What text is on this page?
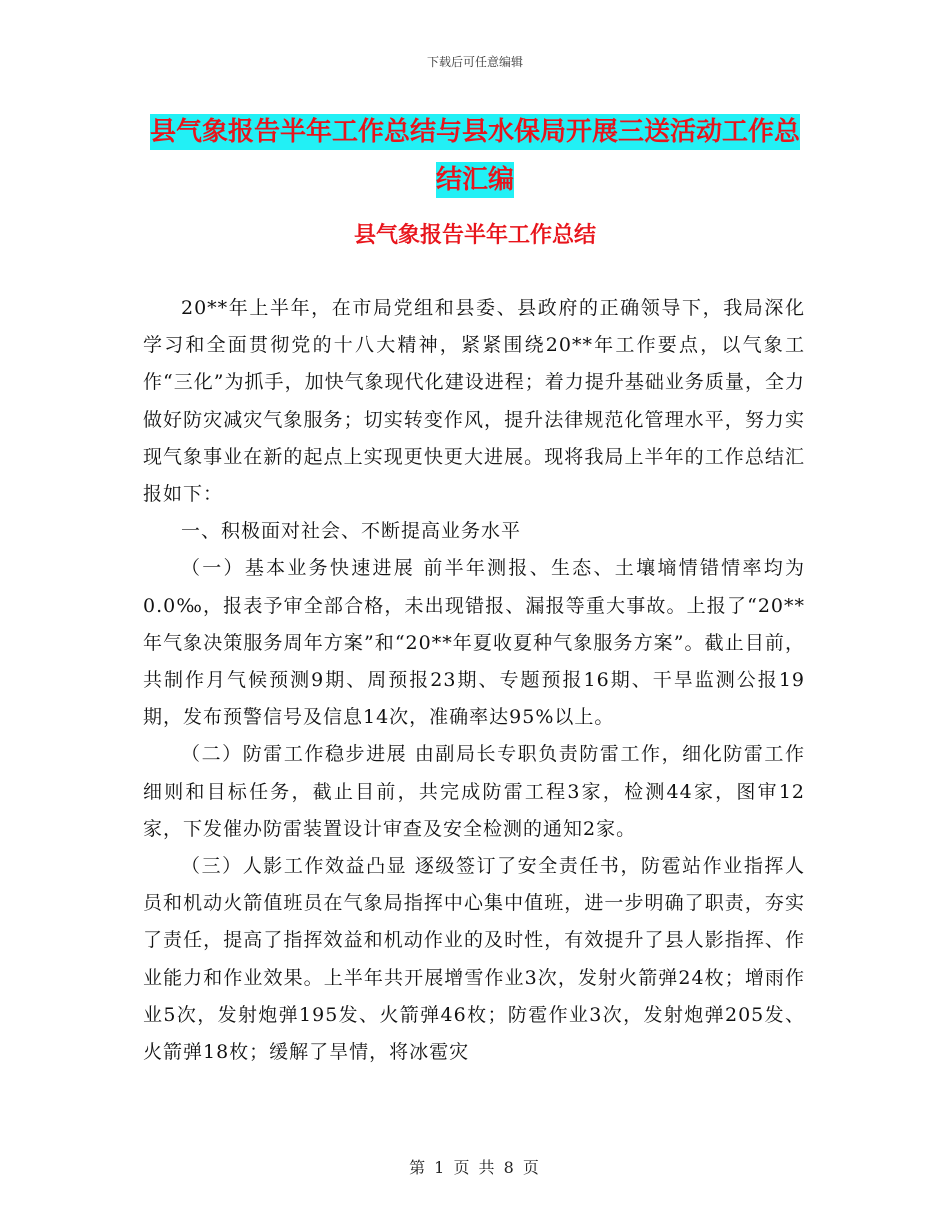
下载后可任意编辑
县气象报告半年工作总结与县水保局开展三送活动工作总结汇编
县气象报告半年工作总结

20**年上半年，在市局党组和县委、县政府的正确领导下，我局深化学习和全面贯彻党的十八大精神，紧紧围绕20**年工作要点，以气象工作“三化”为抓手，加快气象现代化建设进程；着力提升基础业务质量，全力做好防灾减灾气象服务；切实转变作风，提升法律规范化管理水平，努力实现气象事业在新的起点上实现更快更大进展。现将我局上半年的工作总结汇报如下：

一、积极面对社会、不断提高业务水平

（一）基本业务快速进展 前半年测报、生态、土壤墒情错情率均为0.0‰，报表予审全部合格，未出现错报、漏报等重大事故。上报了“20**年气象决策服务周年方案”和“20**年夏收夏种气象服务方案”。截止目前，共制作月气候预测9期、周预报23期、专题预报16期、干旱监测公报19期，发布预警信号及信息14次，准确率达95%以上。

（二）防雷工作稳步进展 由副局长专职负责防雷工作，细化防雷工作细则和目标任务，截止目前，共完成防雷工程3家，检测44家，图审12家，下发催办防雷装置设计审查及安全检测的通知2家。

（三）人影工作效益凸显 逐级签订了安全责任书，防雹站作业指挥人员和机动火箭值班员在气象局指挥中心集中值班，进一步明确了职责，夯实了责任，提高了指挥效益和机动作业的及时性，有效提升了县人影指挥、作业能力和作业效果。上半年共开展增雪作业3次，发射火箭弹24枚；增雨作业5次，发射炮弹195发、火箭弹46枚；防雹作业3次，发射炮弹205发、火箭弹18枚；缓解了旱情，将冰雹灾

第 1 页 共 8 页
